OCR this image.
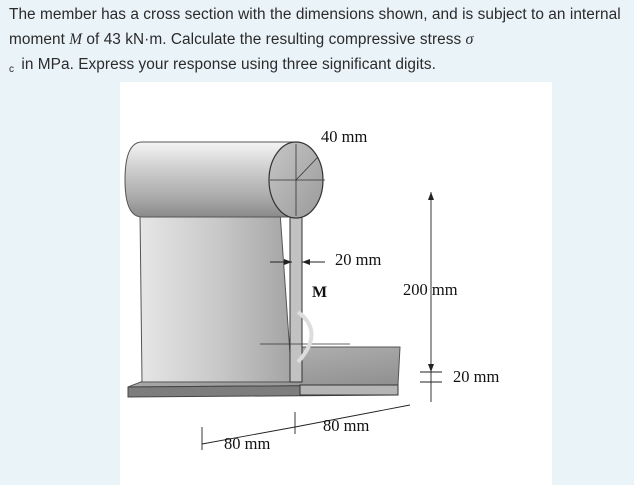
The member has a cross section with the dimensions shown, and is subject to an internal moment M of 43 kN·m. Calculate the resulting compressive stress σ
c in MPa. Express your response using three significant digits.
40 mm
20 mm
M	200 mm
20 mm
80 mm
80 mm
